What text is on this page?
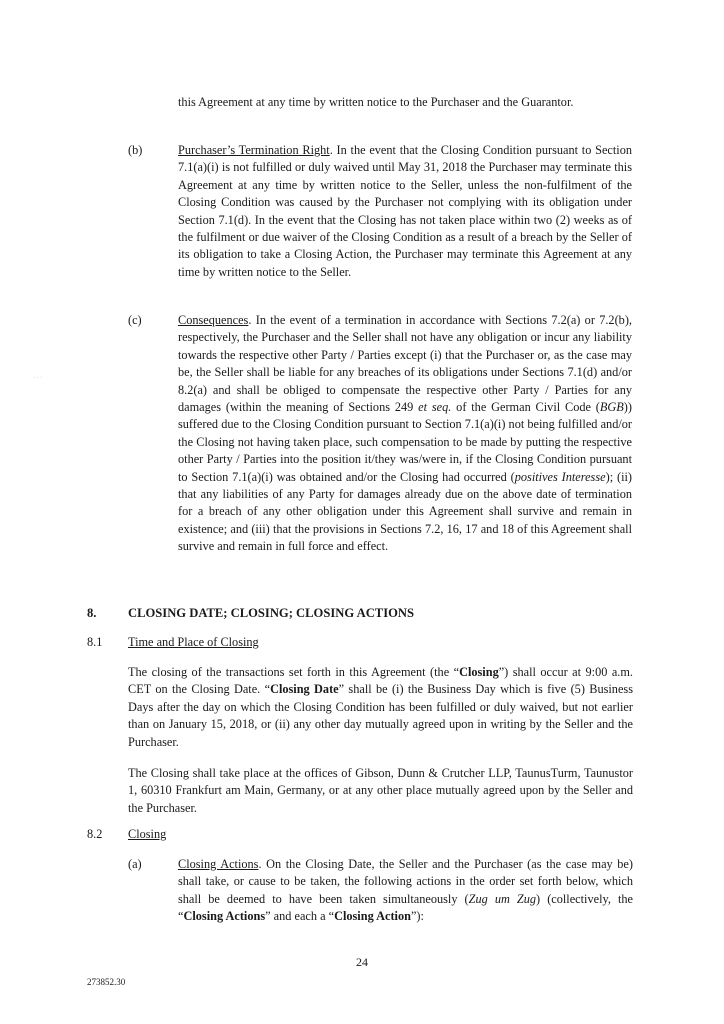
this Agreement at any time by written notice to the Purchaser and the Guarantor.

(b)	Purchaser’s Termination Right. In the event that the Closing Condition pursuant to Section 7.1(a)(i) is not fulfilled or duly waived until May 31, 2018 the Purchaser may terminate this Agreement at any time by written notice to the Seller, unless the non-fulfilment of the Closing Condition was caused by the Purchaser not complying with its obligation under Section 7.1(d). In the event that the Closing has not taken place within two (2) weeks as of the fulfilment or due waiver of the Closing Condition as a result of a breach by the Seller of its obligation to take a Closing Action, the Purchaser may terminate this Agreement at any time by written notice to the Seller.

(c)	Consequences. In the event of a termination in accordance with Sections 7.2(a) or 7.2(b), respectively, the Purchaser and the Seller shall not have any obligation or incur any liability towards the respective other Party / Parties except (i) that the Purchaser or, as the case may be, the Seller shall be liable for any breaches of its obligations under Sections 7.1(d) and/or 8.2(a) and shall be obliged to compensate the respective other Party / Parties for any damages (within the meaning of Sections 249 et seq. of the German Civil Code (BGB)) suffered due to the Closing Condition pursuant to Section 7.1(a)(i) not being fulfilled and/or the Closing not having taken place, such compensation to be made by putting the respective other Party / Parties into the position it/they was/were in, if the Closing Condition pursuant to Section 7.1(a)(i) was obtained and/or the Closing had occurred (positives Interesse); (ii) that any liabilities of any Party for damages already due on the above date of termination for a breach of any other obligation under this Agreement shall survive and remain in existence; and (iii) that the provisions in Sections 7.2, 16, 17 and 18 of this Agreement shall survive and remain in full force and effect.

· · ·
8.	CLOSING DATE; CLOSING; CLOSING ACTIONS
8.1 Time and Place of Closing

The closing of the transactions set forth in this Agreement (the “Closing”) shall occur at 9:00 a.m. CET on the Closing Date. “Closing Date” shall be (i) the Business Day which is five (5) Business Days after the day on which the Closing Condition has been fulfilled or duly waived, but not earlier than on January 15, 2018, or (ii) any other day mutually agreed upon in writing by the Seller and the Purchaser.

The Closing shall take place at the offices of Gibson, Dunn & Crutcher LLP, TaunusTurm, Taunustor 1, 60310 Frankfurt am Main, Germany, or at any other place mutually agreed upon by the Seller and the Purchaser.

8.2 Closing
(a)	Closing Actions. On the Closing Date, the Seller and the Purchaser (as the case may be) shall take, or cause to be taken, the following actions in the order set forth below, which shall be deemed to have been taken simultaneously (Zug um Zug) (collectively, the “Closing Actions” and each a “Closing Action”):

24
273852.30
